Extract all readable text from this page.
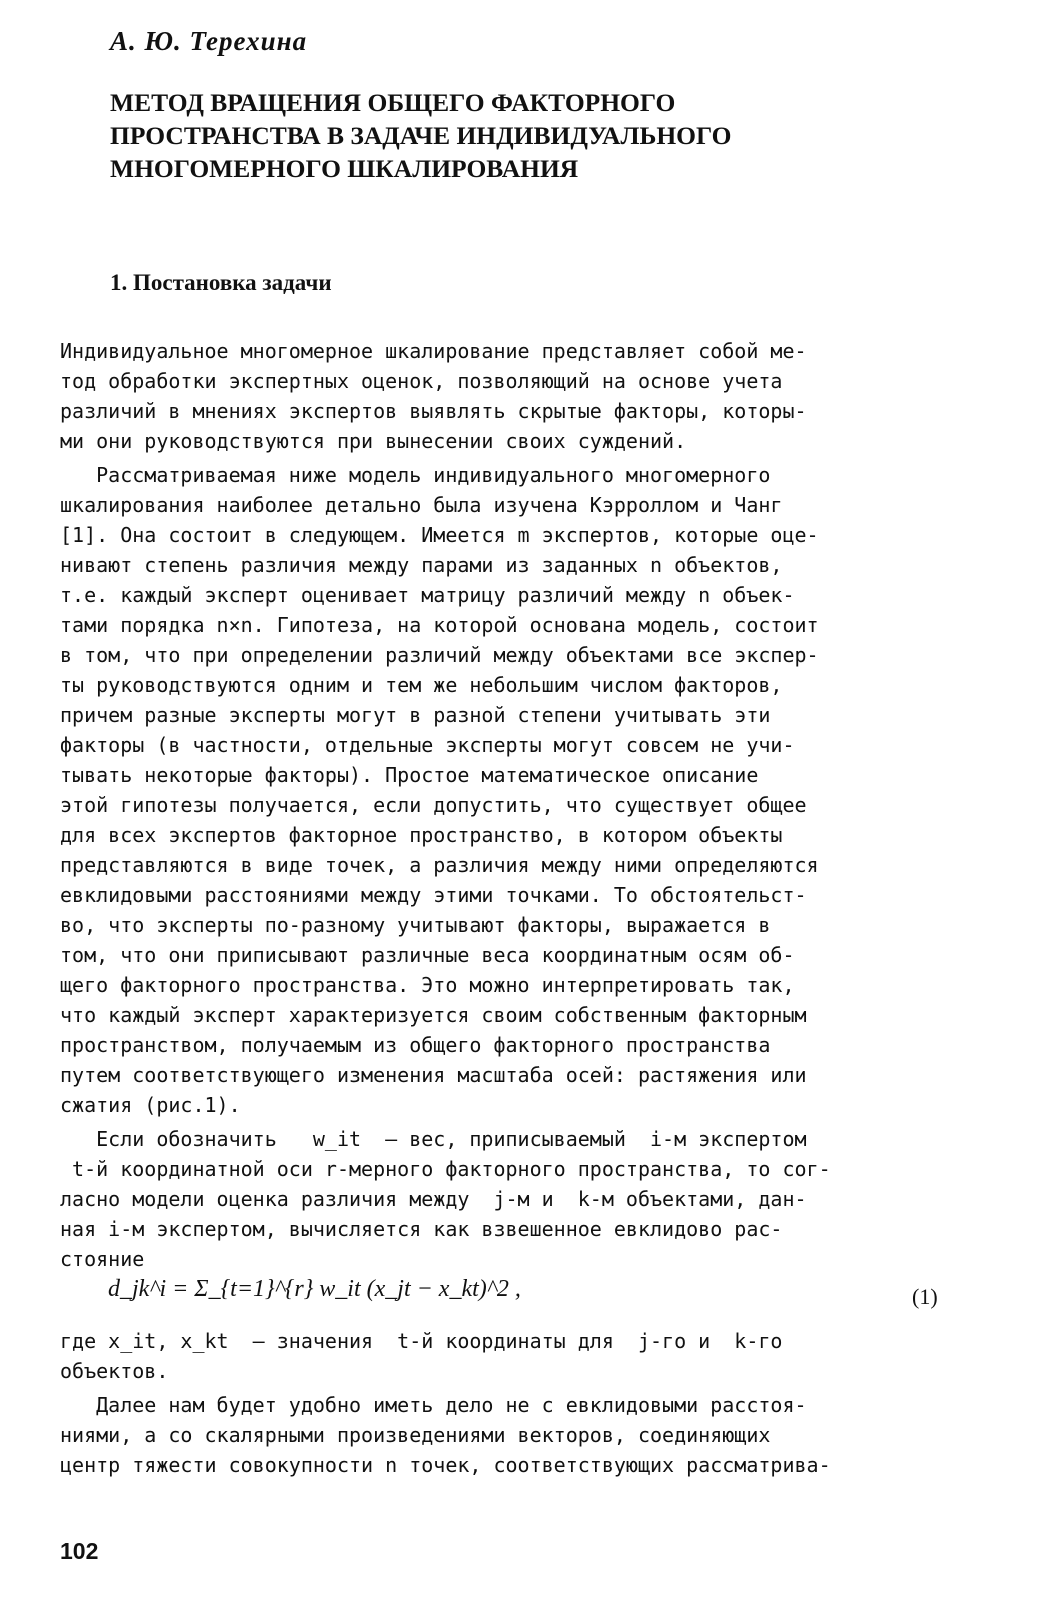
А. Ю. Терехина
МЕТОД ВРАЩЕНИЯ ОБЩЕГО ФАКТОРНОГО
ПРОСТРАНСТВА В ЗАДАЧЕ ИНДИВИДУАЛЬНОГО
МНОГОМЕРНОГО ШКАЛИРОВАНИЯ
1. Постановка задачи
Индивидуальное многомерное шкалирование представляет собой ме-
тод обработки экспертных оценок, позволяющий на основе учета
различий в мнениях экспертов выявлять скрытые факторы, которы-
ми они руководствуются при вынесении своих суждений.
Рассматриваемая ниже модель индивидуального многомерного
шкалирования наиболее детально была изучена Кэрроллом и Чанг
[1]. Она состоит в следующем. Имеется m экспертов, которые оце-
нивают степень различия между парами из заданных n объектов,
т.е. каждый эксперт оценивает матрицу различий между n объек-
тами порядка n×n. Гипотеза, на которой основана модель, состоит
в том, что при определении различий между объектами все экспер-
ты руководствуются одним и тем же небольшим числом факторов,
причем разные эксперты могут в разной степени учитывать эти
факторы (в частности, отдельные эксперты могут совсем не учи-
тывать некоторые факторы). Простое математическое описание
этой гипотезы получается, если допустить, что существует общее
для всех экспертов факторное пространство, в котором объекты
представляются в виде точек, а различия между ними определяются
евклидовыми расстояниями между этими точками. То обстоятельст-
во, что эксперты по-разному учитывают факторы, выражается в
том, что они приписывают различные веса координатным осям об-
щего факторного пространства. Это можно интерпретировать так,
что каждый эксперт характеризуется своим собственным факторным
пространством, получаемым из общего факторного пространства
путем соответствующего изменения масштаба осей: растяжения или
сжатия (рис.1).
Если обозначить   w_it  – вес, приписываемый  i-м экспертом
t-й координатной оси r-мерного факторного пространства, то сог-
ласно модели оценка различия между  j-м и  k-м объектами, дан-
ная i-м экспертом, вычисляется как взвешенное евклидово рас-
стояние
где x_it, x_kt  – значения  t-й координаты для  j-го и  k-го
объектов.
Далее нам будет удобно иметь дело не с евклидовыми расстоя-
ниями, а со скалярными произведениями векторов, соединяющих
центр тяжести совокупности n точек, соответствующих рассматрива-
d_jk^i = Σ_{t=1}^{r} w_it (x_jt − x_kt)^2 ,	(1)
102
